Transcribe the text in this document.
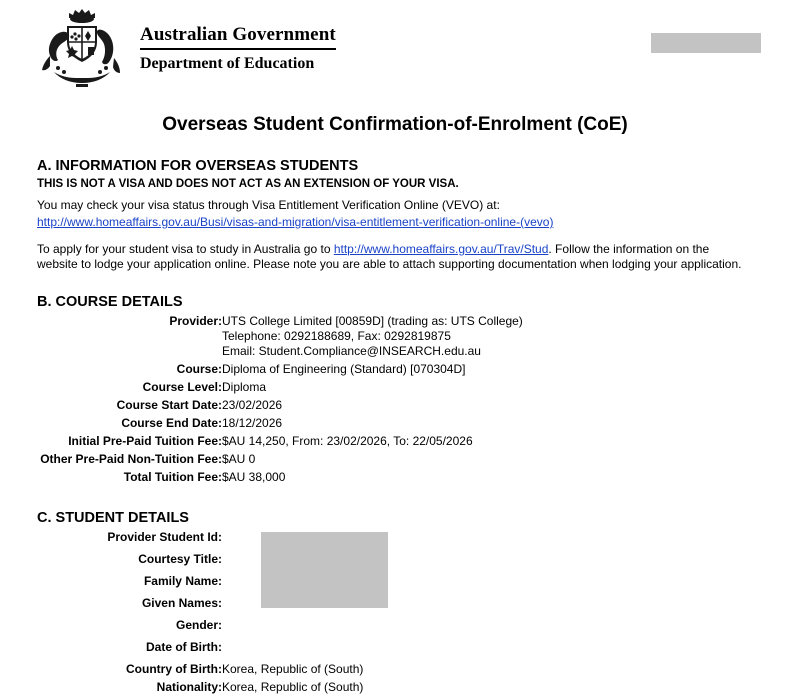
Australian Government
Department of Education
Overseas Student Confirmation-of-Enrolment (CoE)
A. INFORMATION FOR OVERSEAS STUDENTS
THIS IS NOT A VISA AND DOES NOT ACT AS AN EXTENSION OF YOUR VISA.

You may check your visa status through Visa Entitlement Verification Online (VEVO) at:

http://www.homeaffairs.gov.au/Busi/visas-and-migration/visa-entitlement-verification-online-(vevo)

To apply for your student visa to study in Australia go to http://www.homeaffairs.gov.au/Trav/Stud. Follow the information on the website to lodge your application online. Please note you are able to attach supporting documentation when lodging your application.

B. COURSE DETAILS
Provider:	UTS College Limited [00859D] (trading as: UTS College)
Telephone: 0292188689, Fax: 0292819875
Email: Student.Compliance@INSEARCH.edu.au

Course:	Diploma of Engineering (Standard) [070304D]
Course Level:	Diploma
Course Start Date:	23/02/2026
Course End Date:	18/12/2026
Initial Pre-Paid Tuition Fee:	$AU 14,250, From: 23/02/2026, To: 22/05/2026
Other Pre-Paid Non-Tuition Fee:	$AU 0
Total Tuition Fee:	$AU 38,000
C. STUDENT DETAILS
Provider Student Id:	
Courtesy Title:	
Family Name:	
Given Names:	
Gender:	
Date of Birth:	
Country of Birth:	Korea, Republic of (South)
Nationality:	Korea, Republic of (South)
